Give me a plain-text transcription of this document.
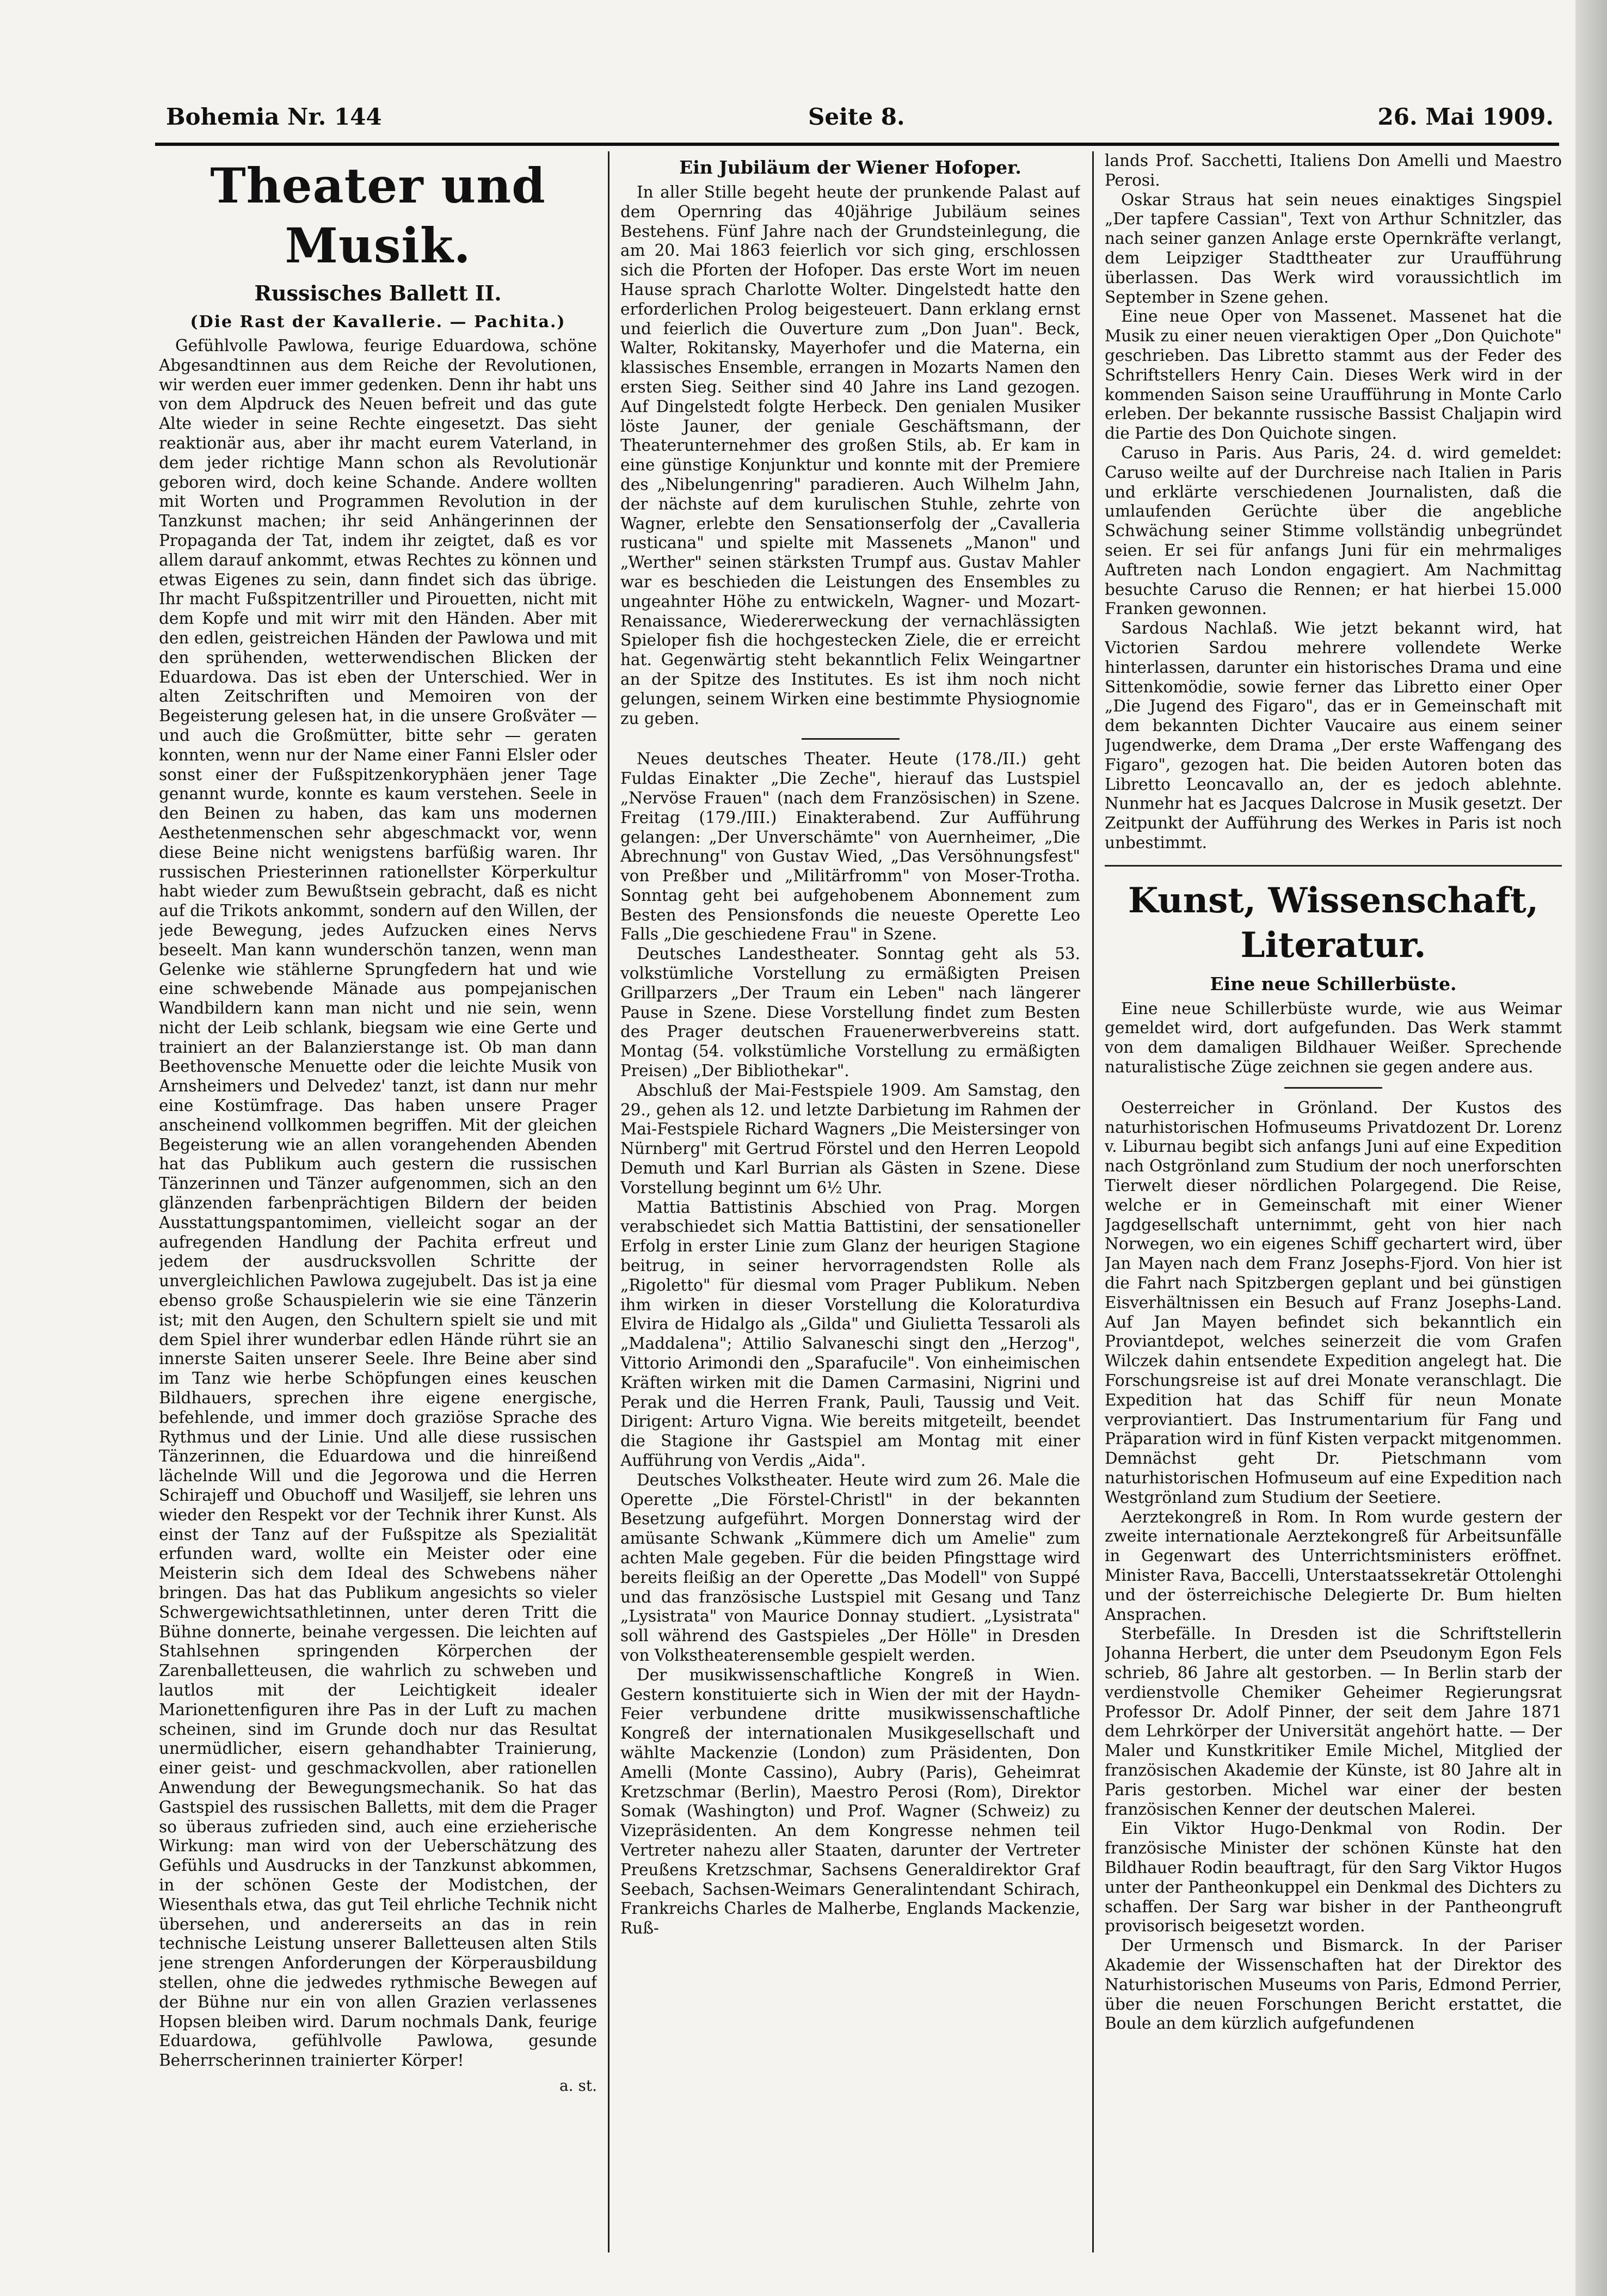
Bohemia Nr. 144	Seite 8.	26. Mai 1909.
Theater und Musik.
Russisches Ballett II.
(Die Rast der Kavallerie. — Pachita.)

Gefühlvolle Pawlowa, feurige Eduardowa, schöne Abgesandtinnen aus dem Reiche der Revolutionen, wir werden euer immer gedenken. Denn ihr habt uns von dem Alpdruck des Neuen befreit und das gute Alte wieder in seine Rechte eingesetzt. Das sieht reaktionär aus, aber ihr macht eurem Vaterland, in dem jeder richtige Mann schon als Revolutionär geboren wird, doch keine Schande. Andere wollten mit Worten und Programmen Revolution in der Tanzkunst machen; ihr seid Anhängerinnen der Propaganda der Tat, indem ihr zeigtet, daß es vor allem darauf ankommt, etwas Rechtes zu können und etwas Eigenes zu sein, dann findet sich das übrige. Ihr macht Fußspitzentriller und Pirouetten, nicht mit dem Kopfe und mit wirr mit den Händen. Aber mit den edlen, geistreichen Händen der Pawlowa und mit den sprühenden, wetterwendischen Blicken der Eduardowa. Das ist eben der Unterschied. Wer in alten Zeitschriften und Memoiren von der Begeisterung gelesen hat, in die unsere Großväter — und auch die Großmütter, bitte sehr — geraten konnten, wenn nur der Name einer Fanni Elsler oder sonst einer der Fußspitzenkoryphäen jener Tage genannt wurde, konnte es kaum verstehen. Seele in den Beinen zu haben, das kam uns modernen Aesthetenmenschen sehr abgeschmackt vor, wenn diese Beine nicht wenigstens barfüßig waren. Ihr russischen Priesterinnen rationellster Körperkultur habt wieder zum Bewußtsein gebracht, daß es nicht auf die Trikots ankommt, sondern auf den Willen, der jede Bewegung, jedes Aufzucken eines Nervs beseelt. Man kann wunderschön tanzen, wenn man Gelenke wie stählerne Sprungfedern hat und wie eine schwebende Mänade aus pompejanischen Wandbildern kann man nicht und nie sein, wenn nicht der Leib schlank, biegsam wie eine Gerte und trainiert an der Balanzierstange ist. Ob man dann Beethovensche Menuette oder die leichte Musik von Arnsheimers und Delvedez' tanzt, ist dann nur mehr eine Kostümfrage. Das haben unsere Prager anscheinend vollkommen begriffen. Mit der gleichen Begeisterung wie an allen vorangehenden Abenden hat das Publikum auch gestern die russischen Tänzerinnen und Tänzer aufgenommen, sich an den glänzenden farbenprächtigen Bildern der beiden Ausstattungspantomimen, vielleicht sogar an der aufregenden Handlung der Pachita erfreut und jedem der ausdrucksvollen Schritte der unvergleichlichen Pawlowa zugejubelt. Das ist ja eine ebenso große Schauspielerin wie sie eine Tänzerin ist; mit den Augen, den Schultern spielt sie und mit dem Spiel ihrer wunderbar edlen Hände rührt sie an innerste Saiten unserer Seele. Ihre Beine aber sind im Tanz wie herbe Schöpfungen eines keuschen Bildhauers, sprechen ihre eigene energische, befehlende, und immer doch graziöse Sprache des Rythmus und der Linie. Und alle diese russischen Tänzerinnen, die Eduardowa und die hinreißend lächelnde Will und die Jegorowa und die Herren Schirajeff und Obuchoff und Wasiljeff, sie lehren uns wieder den Respekt vor der Technik ihrer Kunst. Als einst der Tanz auf der Fußspitze als Spezialität erfunden ward, wollte ein Meister oder eine Meisterin sich dem Ideal des Schwebens näher bringen. Das hat das Publikum angesichts so vieler Schwergewichtsathletinnen, unter deren Tritt die Bühne donnerte, beinahe vergessen. Die leichten auf Stahlsehnen springenden Körperchen der Zarenballetteusen, die wahrlich zu schweben und lautlos mit der Leichtigkeit idealer Marionettenfiguren ihre Pas in der Luft zu machen scheinen, sind im Grunde doch nur das Resultat unermüdlicher, eisern gehandhabter Trainierung, einer geist- und geschmackvollen, aber rationellen Anwendung der Bewegungsmechanik. So hat das Gastspiel des russischen Balletts, mit dem die Prager so überaus zufrieden sind, auch eine erzieherische Wirkung: man wird von der Ueberschätzung des Gefühls und Ausdrucks in der Tanzkunst abkommen, in der schönen Geste der Modistchen, der Wiesenthals etwa, das gut Teil ehrliche Technik nicht übersehen, und andererseits an das in rein technische Leistung unserer Balletteusen alten Stils jene strengen Anforderungen der Körperausbildung stellen, ohne die jedwedes rythmische Bewegen auf der Bühne nur ein von allen Grazien verlassenes Hopsen bleiben wird. Darum nochmals Dank, feurige Eduardowa, gefühlvolle Pawlowa, gesunde Beherrscherinnen trainierter Körper!

a. st.
Ein Jubiläum der Wiener Hofoper.

In aller Stille begeht heute der prunkende Palast auf dem Opernring das 40jährige Jubiläum seines Bestehens. Fünf Jahre nach der Grundsteinlegung, die am 20. Mai 1863 feierlich vor sich ging, erschlossen sich die Pforten der Hofoper. Das erste Wort im neuen Hause sprach Charlotte Wolter. Dingelstedt hatte den erforderlichen Prolog beigesteuert. Dann erklang ernst und feierlich die Ouverture zum „Don Juan". Beck, Walter, Rokitansky, Mayerhofer und die Materna, ein klassisches Ensemble, errangen in Mozarts Namen den ersten Sieg. Seither sind 40 Jahre ins Land gezogen. Auf Dingelstedt folgte Herbeck. Den genialen Musiker löste Jauner, der geniale Geschäftsmann, der Theaterunternehmer des großen Stils, ab. Er kam in eine günstige Konjunktur und konnte mit der Premiere des „Nibelungenring" paradieren. Auch Wilhelm Jahn, der nächste auf dem kurulischen Stuhle, zehrte von Wagner, erlebte den Sensationserfolg der „Cavalleria rusticana" und spielte mit Massenets „Manon" und „Werther" seinen stärksten Trumpf aus. Gustav Mahler war es beschieden die Leistungen des Ensembles zu ungeahnter Höhe zu entwickeln, Wagner- und Mozart-Renaissance, Wiedererweckung der vernachlässigten Spieloper fish die hochgestecken Ziele, die er erreicht hat. Gegenwärtig steht bekanntlich Felix Weingartner an der Spitze des Institutes. Es ist ihm noch nicht gelungen, seinem Wirken eine bestimmte Physiognomie zu geben.

Neues deutsches Theater. Heute (178./II.) geht Fuldas Einakter „Die Zeche", hierauf das Lustspiel „Nervöse Frauen" (nach dem Französischen) in Szene. Freitag (179./III.) Einakterabend. Zur Aufführung gelangen: „Der Unverschämte" von Auernheimer, „Die Abrechnung" von Gustav Wied, „Das Versöhnungsfest" von Preßber und „Militärfromm" von Moser-Trotha. Sonntag geht bei aufgehobenem Abonnement zum Besten des Pensionsfonds die neueste Operette Leo Falls „Die geschiedene Frau" in Szene.

Deutsches Landestheater. Sonntag geht als 53. volkstümliche Vorstellung zu ermäßigten Preisen Grillparzers „Der Traum ein Leben" nach längerer Pause in Szene. Diese Vorstellung findet zum Besten des Prager deutschen Frauenerwerbvereins statt. Montag (54. volkstümliche Vorstellung zu ermäßigten Preisen) „Der Bibliothekar".

Abschluß der Mai-Festspiele 1909. Am Samstag, den 29., gehen als 12. und letzte Darbietung im Rahmen der Mai-Festspiele Richard Wagners „Die Meistersinger von Nürnberg" mit Gertrud Förstel und den Herren Leopold Demuth und Karl Burrian als Gästen in Szene. Diese Vorstellung beginnt um 6½ Uhr.

Mattia Battistinis Abschied von Prag. Morgen verabschiedet sich Mattia Battistini, der sensationeller Erfolg in erster Linie zum Glanz der heurigen Stagione beitrug, in seiner hervorragendsten Rolle als „Rigoletto" für diesmal vom Prager Publikum. Neben ihm wirken in dieser Vorstellung die Koloraturdiva Elvira de Hidalgo als „Gilda" und Giulietta Tessaroli als „Maddalena"; Attilio Salvaneschi singt den „Herzog", Vittorio Arimondi den „Sparafucile". Von einheimischen Kräften wirken mit die Damen Carmasini, Nigrini und Perak und die Herren Frank, Pauli, Taussig und Veit. Dirigent: Arturo Vigna. Wie bereits mitgeteilt, beendet die Stagione ihr Gastspiel am Montag mit einer Aufführung von Verdis „Aida".

Deutsches Volkstheater. Heute wird zum 26. Male die Operette „Die Förstel-Christl" in der bekannten Besetzung aufgeführt. Morgen Donnerstag wird der amüsante Schwank „Kümmere dich um Amelie" zum achten Male gegeben. Für die beiden Pfingsttage wird bereits fleißig an der Operette „Das Modell" von Suppé und das französische Lustspiel mit Gesang und Tanz „Lysistrata" von Maurice Donnay studiert. „Lysistrata" soll während des Gastspieles „Der Hölle" in Dresden von Volkstheaterensemble gespielt werden.

Der musikwissenschaftliche Kongreß in Wien. Gestern konstituierte sich in Wien der mit der Haydn-Feier verbundene dritte musikwissenschaftliche Kongreß der internationalen Musikgesellschaft und wählte Mackenzie (London) zum Präsidenten, Don Amelli (Monte Cassino), Aubry (Paris), Geheimrat Kretzschmar (Berlin), Maestro Perosi (Rom), Direktor Somak (Washington) und Prof. Wagner (Schweiz) zu Vizepräsidenten. An dem Kongresse nehmen teil Vertreter nahezu aller Staaten, darunter der Vertreter Preußens Kretzschmar, Sachsens Generaldirektor Graf Seebach, Sachsen-Weimars Generalintendant Schirach, Frankreichs Charles de Malherbe, Englands Mackenzie, Ruß-

lands Prof. Sacchetti, Italiens Don Amelli und Maestro Perosi.

Oskar Straus hat sein neues einaktiges Singspiel „Der tapfere Cassian", Text von Arthur Schnitzler, das nach seiner ganzen Anlage erste Opernkräfte verlangt, dem Leipziger Stadttheater zur Uraufführung überlassen. Das Werk wird voraussichtlich im September in Szene gehen.

Eine neue Oper von Massenet. Massenet hat die Musik zu einer neuen vieraktigen Oper „Don Quichote" geschrieben. Das Libretto stammt aus der Feder des Schriftstellers Henry Cain. Dieses Werk wird in der kommenden Saison seine Uraufführung in Monte Carlo erleben. Der bekannte russische Bassist Chaljapin wird die Partie des Don Quichote singen.

Caruso in Paris. Aus Paris, 24. d. wird gemeldet: Caruso weilte auf der Durchreise nach Italien in Paris und erklärte verschiedenen Journalisten, daß die umlaufenden Gerüchte über die angebliche Schwächung seiner Stimme vollständig unbegründet seien. Er sei für anfangs Juni für ein mehrmaliges Auftreten nach London engagiert. Am Nachmittag besuchte Caruso die Rennen; er hat hierbei 15.000 Franken gewonnen.

Sardous Nachlaß. Wie jetzt bekannt wird, hat Victorien Sardou mehrere vollendete Werke hinterlassen, darunter ein historisches Drama und eine Sittenkomödie, sowie ferner das Libretto einer Oper „Die Jugend des Figaro", das er in Gemeinschaft mit dem bekannten Dichter Vaucaire aus einem seiner Jugendwerke, dem Drama „Der erste Waffengang des Figaro", gezogen hat. Die beiden Autoren boten das Libretto Leoncavallo an, der es jedoch ablehnte. Nunmehr hat es Jacques Dalcrose in Musik gesetzt. Der Zeitpunkt der Aufführung des Werkes in Paris ist noch unbestimmt.

Kunst, Wissenschaft, Literatur.
Eine neue Schillerbüste.

Eine neue Schillerbüste wurde, wie aus Weimar gemeldet wird, dort aufgefunden. Das Werk stammt von dem damaligen Bildhauer Weißer. Sprechende naturalistische Züge zeichnen sie gegen andere aus.

Oesterreicher in Grönland. Der Kustos des naturhistorischen Hofmuseums Privatdozent Dr. Lorenz v. Liburnau begibt sich anfangs Juni auf eine Expedition nach Ostgrönland zum Studium der noch unerforschten Tierwelt dieser nördlichen Polargegend. Die Reise, welche er in Gemeinschaft mit einer Wiener Jagdgesellschaft unternimmt, geht von hier nach Norwegen, wo ein eigenes Schiff gechartert wird, über Jan Mayen nach dem Franz Josephs-Fjord. Von hier ist die Fahrt nach Spitzbergen geplant und bei günstigen Eisverhältnissen ein Besuch auf Franz Josephs-Land. Auf Jan Mayen befindet sich bekanntlich ein Proviantdepot, welches seinerzeit die vom Grafen Wilczek dahin entsendete Expedition angelegt hat. Die Forschungsreise ist auf drei Monate veranschlagt. Die Expedition hat das Schiff für neun Monate verproviantiert. Das Instrumentarium für Fang und Präparation wird in fünf Kisten verpackt mitgenommen. Demnächst geht Dr. Pietschmann vom naturhistorischen Hofmuseum auf eine Expedition nach Westgrönland zum Studium der Seetiere.

Aerztekongreß in Rom. In Rom wurde gestern der zweite internationale Aerztekongreß für Arbeitsunfälle in Gegenwart des Unterrichtsministers eröffnet. Minister Rava, Baccelli, Unterstaatssekretär Ottolenghi und der österreichische Delegierte Dr. Bum hielten Ansprachen.

Sterbefälle. In Dresden ist die Schriftstellerin Johanna Herbert, die unter dem Pseudonym Egon Fels schrieb, 86 Jahre alt gestorben. — In Berlin starb der verdienstvolle Chemiker Geheimer Regierungsrat Professor Dr. Adolf Pinner, der seit dem Jahre 1871 dem Lehrkörper der Universität angehört hatte. — Der Maler und Kunstkritiker Emile Michel, Mitglied der französischen Akademie der Künste, ist 80 Jahre alt in Paris gestorben. Michel war einer der besten französischen Kenner der deutschen Malerei.

Ein Viktor Hugo-Denkmal von Rodin. Der französische Minister der schönen Künste hat den Bildhauer Rodin beauftragt, für den Sarg Viktor Hugos unter der Pantheonkuppel ein Denkmal des Dichters zu schaffen. Der Sarg war bisher in der Pantheongruft provisorisch beigesetzt worden.

Der Urmensch und Bismarck. In der Pariser Akademie der Wissenschaften hat der Direktor des Naturhistorischen Museums von Paris, Edmond Perrier, über die neuen Forschungen Bericht erstattet, die Boule an dem kürzlich aufgefundenen
